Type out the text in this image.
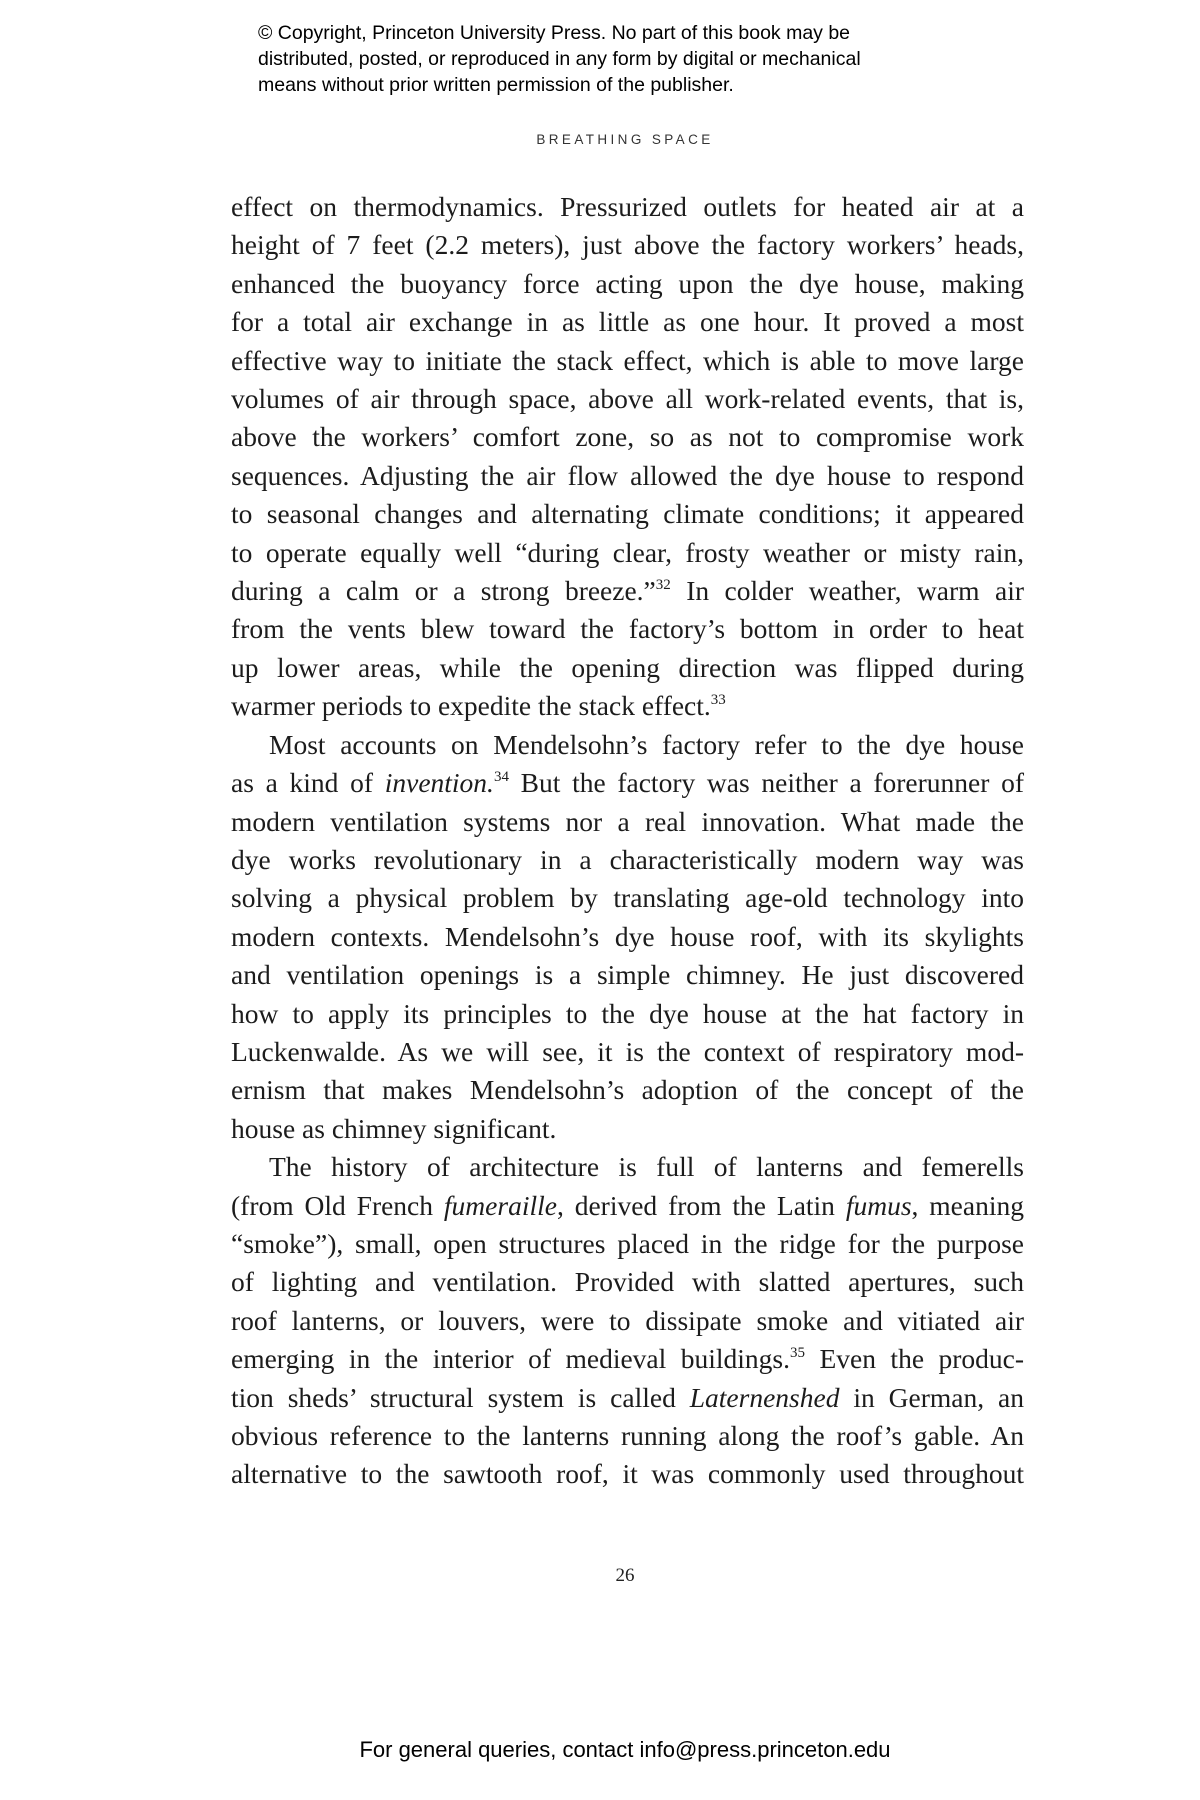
© Copyright, Princeton University Press. No part of this book may be
distributed, posted, or reproduced in any form by digital or mechanical
means without prior written permission of the publisher.
BREATHING SPACE
effect on thermodynamics. Pressurized outlets for heated air at a
height of 7 feet (2.2 meters), just above the factory workers’ heads,
enhanced the buoyancy force acting upon the dye house, making
for a total air exchange in as little as one hour. It proved a most
effective way to initiate the stack effect, which is able to move large
volumes of air through space, above all work-related events, that is,
above the workers’ comfort zone, so as not to compromise work
sequences. Adjusting the air flow allowed the dye house to respond
to seasonal changes and alternating climate conditions; it appeared
to operate equally well “during clear, frosty weather or misty rain,
during a calm or a strong breeze.”$^{32}$ In colder weather, warm air
from the vents blew toward the factory’s bottom in order to heat
up lower areas, while the opening direction was flipped during
warmer periods to expedite the stack effect.$^{33}$
Most accounts on Mendelsohn’s factory refer to the dye house
as a kind of invention.$^{34}$ But the factory was neither a forerunner of
modern ventilation systems nor a real innovation. What made the
dye works revolutionary in a characteristically modern way was
solving a physical problem by translating age-old technology into
modern contexts. Mendelsohn’s dye house roof, with its skylights
and ventilation openings is a simple chimney. He just discovered
how to apply its principles to the dye house at the hat factory in
Luckenwalde. As we will see, it is the context of respiratory mod-
ernism that makes Mendelsohn’s adoption of the concept of the
house as chimney significant.
The history of architecture is full of lanterns and femerells
(from Old French fumeraille, derived from the Latin fumus, meaning
“smoke”), small, open structures placed in the ridge for the purpose
of lighting and ventilation. Provided with slatted apertures, such
roof lanterns, or louvers, were to dissipate smoke and vitiated air
emerging in the interior of medieval buildings.$^{35}$ Even the produc-
tion sheds’ structural system is called Laternenshed in German, an
obvious reference to the lanterns running along the roof’s gable. An
alternative to the sawtooth roof, it was commonly used throughout
26
For general queries, contact info@press.princeton.edu
